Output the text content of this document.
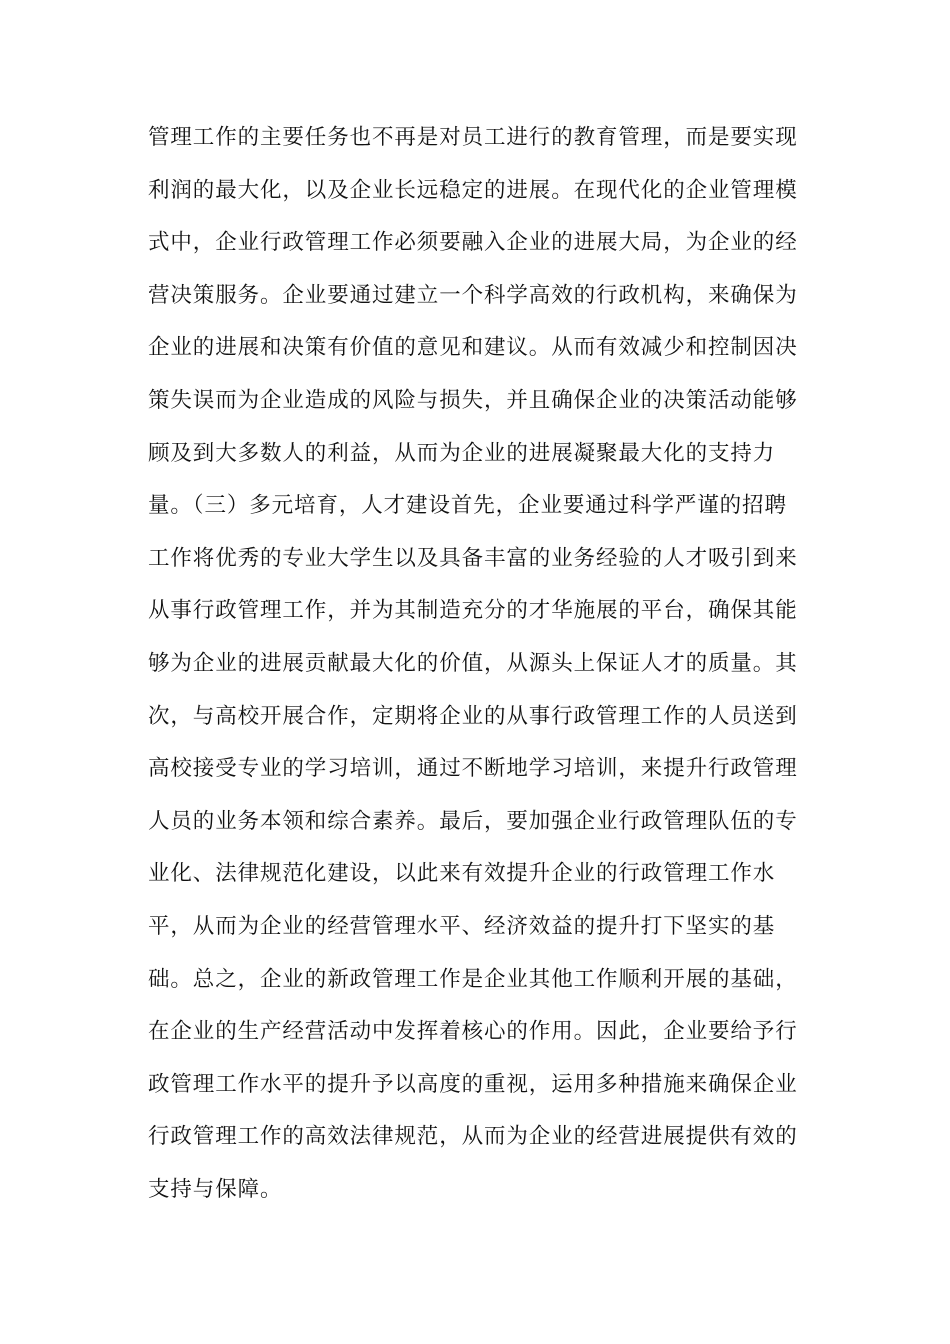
管理工作的主要任务也不再是对员工进行的教育管理，而是要实现
利润的最大化，以及企业长远稳定的进展。在现代化的企业管理模
式中，企业行政管理工作必须要融入企业的进展大局，为企业的经
营决策服务。企业要通过建立一个科学高效的行政机构，来确保为
企业的进展和决策有价值的意见和建议。从而有效减少和控制因决
策失误而为企业造成的风险与损失，并且确保企业的决策活动能够
顾及到大多数人的利益，从而为企业的进展凝聚最大化的支持力
量。（三）多元培育，人才建设首先，企业要通过科学严谨的招聘
工作将优秀的专业大学生以及具备丰富的业务经验的人才吸引到来
从事行政管理工作，并为其制造充分的才华施展的平台，确保其能
够为企业的进展贡献最大化的价值，从源头上保证人才的质量。其
次，与高校开展合作，定期将企业的从事行政管理工作的人员送到
高校接受专业的学习培训，通过不断地学习培训，来提升行政管理
人员的业务本领和综合素养。最后，要加强企业行政管理队伍的专
业化、法律规范化建设，以此来有效提升企业的行政管理工作水
平，从而为企业的经营管理水平、经济效益的提升打下坚实的基
础。总之，企业的新政管理工作是企业其他工作顺利开展的基础，
在企业的生产经营活动中发挥着核心的作用。因此，企业要给予行
政管理工作水平的提升予以高度的重视，运用多种措施来确保企业
行政管理工作的高效法律规范，从而为企业的经营进展提供有效的
支持与保障。
